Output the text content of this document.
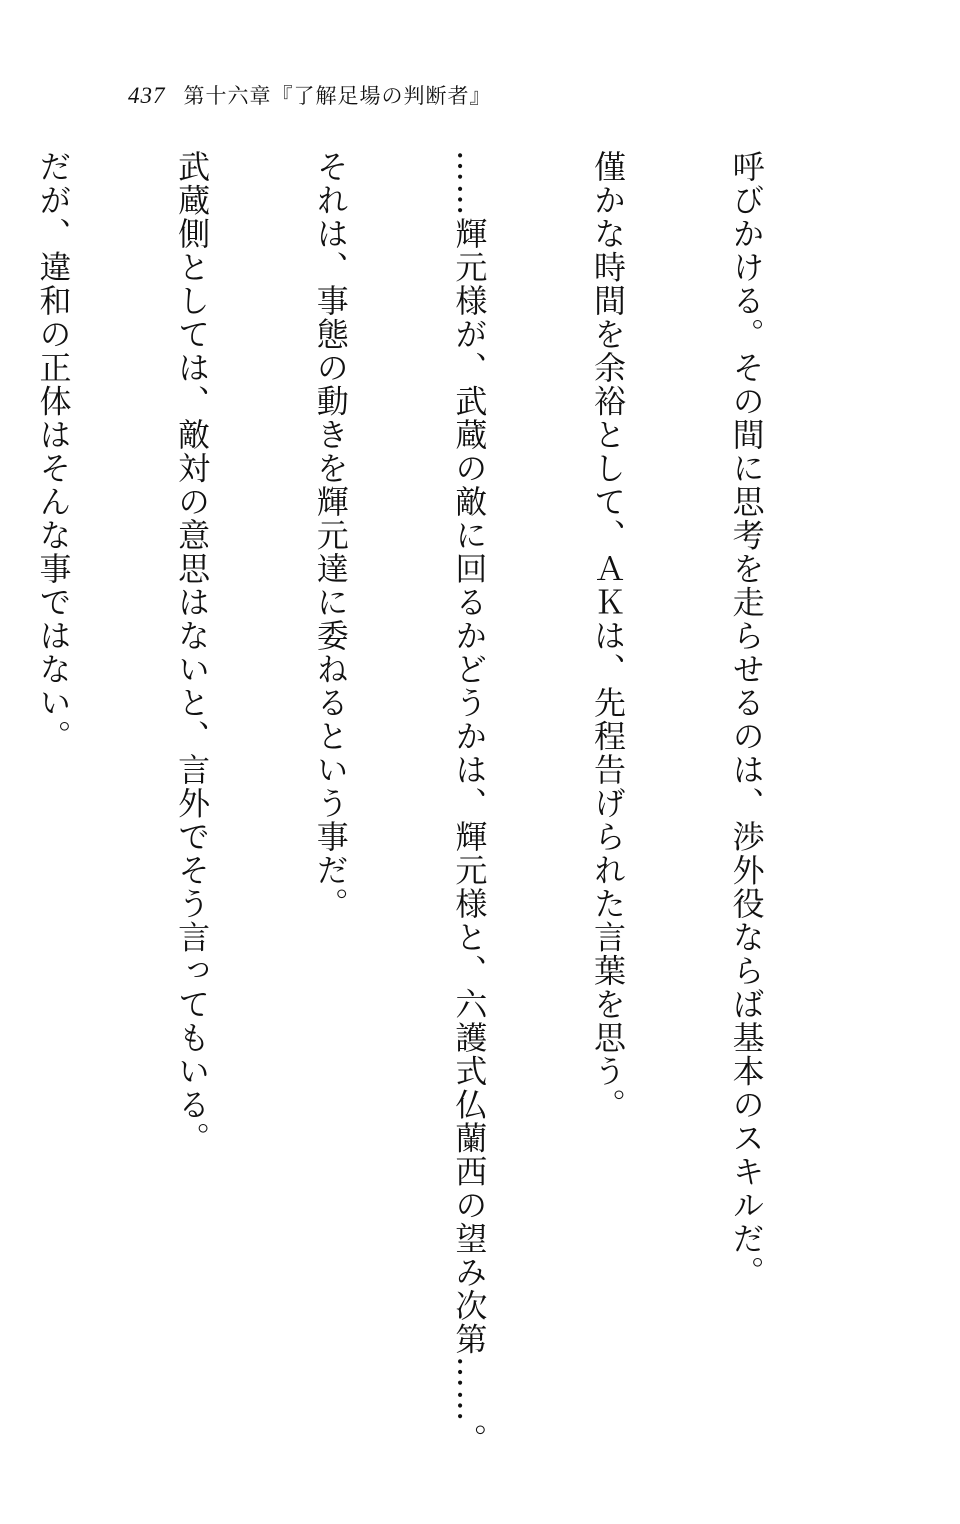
437 第十六章『了解足場の判断者』

呼びかける。その間に思考を走らせるのは、渉外役ならば基本のスキルだ。

僅かな時間を余裕として、ＡＫは、先程告げられた言葉を思う。

……輝元様が、武蔵の敵に回るかどうかは、輝元様と、六護式仏蘭西の望み次第……。

それは、事態の動きを輝元達に委ねるという事だ。

武蔵側としては、敵対の意思はないと、言外でそう言ってもいる。

だが、違和の正体はそんな事ではない。
